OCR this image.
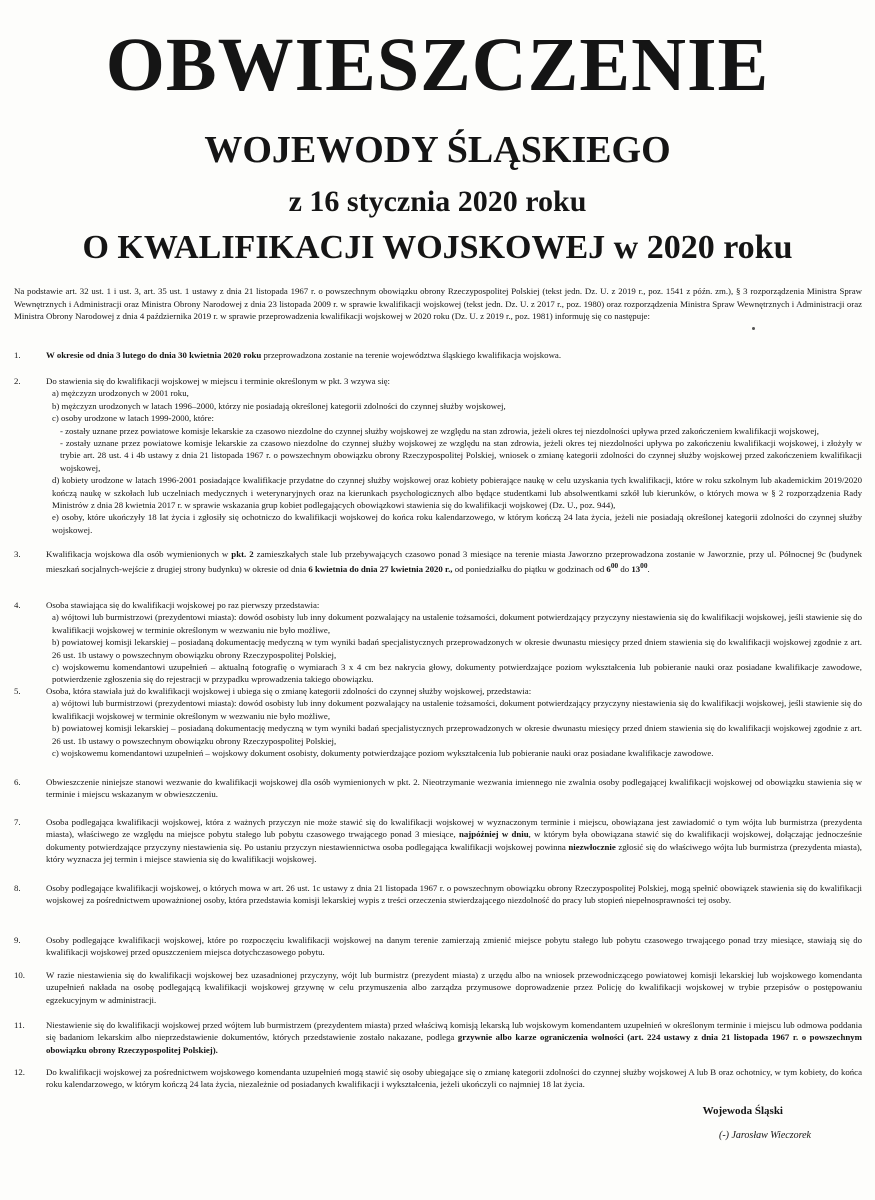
OBWIESZCZENIE
WOJEWODY ŚLĄSKIEGO
z 16 stycznia 2020 roku
O KWALIFIKACJI WOJSKOWEJ w 2020 roku
Na podstawie art. 32 ust. 1 i ust. 3, art. 35 ust. 1 ustawy z dnia 21 listopada 1967 r. o powszechnym obowiązku obrony Rzeczypospolitej Polskiej (tekst jedn. Dz. U. z 2019 r., poz. 1541 z późn. zm.), § 3 rozporządzenia Ministra Spraw Wewnętrznych i Administracji oraz Ministra Obrony Narodowej z dnia 23 listopada 2009 r. w sprawie kwalifikacji wojskowej (tekst jedn. Dz. U. z 2017 r., poz. 1980) oraz rozporządzenia Ministra Spraw Wewnętrznych i Administracji oraz Ministra Obrony Narodowej z dnia 4 października 2019 r. w sprawie przeprowadzenia kwalifikacji wojskowej w 2020 roku (Dz. U. z 2019 r., poz. 1981) informuję się co następuje:
1.	W okresie od dnia 3 lutego do dnia 30 kwietnia 2020 roku przeprowadzona zostanie na terenie województwa śląskiego kwalifikacja wojskowa.
2.	Do stawienia się do kwalifikacji wojskowej w miejscu i terminie określonym w pkt. 3 wzywa się:
a) mężczyzn urodzonych w 2001 roku,
b) mężczyzn urodzonych w latach 1996–2000, którzy nie posiadają określonej kategorii zdolności do czynnej służby wojskowej,
c) osoby urodzone w latach 1999-2000, które:
- zostały uznane przez powiatowe komisje lekarskie za czasowo niezdolne do czynnej służby wojskowej ze względu na stan zdrowia, jeżeli okres tej niezdolności upływa przed zakończeniem kwalifikacji wojskowej,
- zostały uznane przez powiatowe komisje lekarskie za czasowo niezdolne do czynnej służby wojskowej ze względu na stan zdrowia, jeżeli okres tej niezdolności upływa po zakończeniu kwalifikacji wojskowej, i złożyły w trybie art. 28 ust. 4 i 4b ustawy z dnia 21 listopada 1967 r. o powszechnym obowiązku obrony Rzeczypospolitej Polskiej, wniosek o zmianę kategorii zdolności do czynnej służby wojskowej przed zakończeniem kwalifikacji wojskowej,
d) kobiety urodzone w latach 1996-2001 posiadające kwalifikacje przydatne do czynnej służby wojskowej oraz kobiety pobierające naukę w celu uzyskania tych kwalifikacji, które w roku szkolnym lub akademickim 2019/2020 kończą naukę w szkołach lub uczelniach medycznych i weterynaryjnych oraz na kierunkach psychologicznych albo będące studentkami lub absolwentkami szkół lub kierunków, o których mowa w § 2 rozporządzenia Rady Ministrów z dnia 28 kwietnia 2017 r. w sprawie wskazania grup kobiet podlegających obowiązkowi stawienia się do kwalifikacji wojskowej (Dz. U., poz. 944),
e) osoby, które ukończyły 18 lat życia i zgłosiły się ochotniczo do kwalifikacji wojskowej do końca roku kalendarzowego, w którym kończą 24 lata życia, jeżeli nie posiadają określonej kategorii zdolności do czynnej służby wojskowej.
3.	Kwalifikacja wojskowa dla osób wymienionych w pkt. 2 zamieszkałych stale lub przebywających czasowo ponad 3 miesiące na terenie miasta Jaworzno przeprowadzona zostanie w Jaworznie, przy ul. Północnej 9c (budynek mieszkań socjalnych-wejście z drugiej strony budynku) w okresie od dnia 6 kwietnia do dnia 27 kwietnia 2020 r., od poniedziałku do piątku w godzinach od $6^{00}$ do $13^{00}$.
4.	Osoba stawiająca się do kwalifikacji wojskowej po raz pierwszy przedstawia:
a) wójtowi lub burmistrzowi (prezydentowi miasta): dowód osobisty lub inny dokument pozwalający na ustalenie tożsamości, dokument potwierdzający przyczyny niestawienia się do kwalifikacji wojskowej, jeśli stawienie się do kwalifikacji wojskowej w terminie określonym w wezwaniu nie było możliwe,
b) powiatowej komisji lekarskiej – posiadaną dokumentację medyczną w tym wyniki badań specjalistycznych przeprowadzonych w okresie dwunastu miesięcy przed dniem stawienia się do kwalifikacji wojskowej zgodnie z art. 26 ust. 1b ustawy o powszechnym obowiązku obrony Rzeczypospolitej Polskiej,
c) wojskowemu komendantowi uzupełnień – aktualną fotografię o wymiarach 3 x 4 cm bez nakrycia głowy, dokumenty potwierdzające poziom wykształcenia lub pobieranie nauki oraz posiadane kwalifikacje zawodowe, potwierdzenie zgłoszenia się do rejestracji w przypadku wprowadzenia takiego obowiązku.
5.	Osoba, która stawiała już do kwalifikacji wojskowej i ubiega się o zmianę kategorii zdolności do czynnej służby wojskowej, przedstawia:
a) wójtowi lub burmistrzowi (prezydentowi miasta): dowód osobisty lub inny dokument pozwalający na ustalenie tożsamości, dokument potwierdzający przyczyny niestawienia się do kwalifikacji wojskowej, jeśli stawienie się do kwalifikacji wojskowej w terminie określonym w wezwaniu nie było możliwe,
b) powiatowej komisji lekarskiej – posiadaną dokumentację medyczną w tym wyniki badań specjalistycznych przeprowadzonych w okresie dwunastu miesięcy przed dniem stawienia się do kwalifikacji wojskowej zgodnie z art. 26 ust. 1b ustawy o powszechnym obowiązku obrony Rzeczypospolitej Polskiej,
c) wojskowemu komendantowi uzupełnień – wojskowy dokument osobisty, dokumenty potwierdzające poziom wykształcenia lub pobieranie nauki oraz posiadane kwalifikacje zawodowe.
6.	Obwieszczenie niniejsze stanowi wezwanie do kwalifikacji wojskowej dla osób wymienionych w pkt. 2. Nieotrzymanie wezwania imiennego nie zwalnia osoby podlegającej kwalifikacji wojskowej od obowiązku stawienia się w terminie i miejscu wskazanym w obwieszczeniu.
7.	Osoba podlegająca kwalifikacji wojskowej, która z ważnych przyczyn nie może stawić się do kwalifikacji wojskowej w wyznaczonym terminie i miejscu, obowiązana jest zawiadomić o tym wójta lub burmistrza (prezydenta miasta), właściwego ze względu na miejsce pobytu stałego lub pobytu czasowego trwającego ponad 3 miesiące, najpóźniej w dniu, w którym była obowiązana stawić się do kwalifikacji wojskowej, dołączając jednocześnie dokumenty potwierdzające przyczyny niestawienia się. Po ustaniu przyczyn niestawiennictwa osoba podlegająca kwalifikacji wojskowej powinna niezwłocznie zgłosić się do właściwego wójta lub burmistrza (prezydenta miasta), który wyznacza jej termin i miejsce stawienia się do kwalifikacji wojskowej.
8.	Osoby podlegające kwalifikacji wojskowej, o których mowa w art. 26 ust. 1c ustawy z dnia 21 listopada 1967 r. o powszechnym obowiązku obrony Rzeczypospolitej Polskiej, mogą spełnić obowiązek stawienia się do kwalifikacji wojskowej za pośrednictwem upoważnionej osoby, która przedstawia komisji lekarskiej wypis z treści orzeczenia stwierdzającego niezdolność do pracy lub stopień niepełnosprawności tej osoby.
9.	Osoby podlegające kwalifikacji wojskowej, które po rozpoczęciu kwalifikacji wojskowej na danym terenie zamierzają zmienić miejsce pobytu stałego lub pobytu czasowego trwającego ponad trzy miesiące, stawiają się do kwalifikacji wojskowej przed opuszczeniem miejsca dotychczasowego pobytu.
10.	W razie niestawienia się do kwalifikacji wojskowej bez uzasadnionej przyczyny, wójt lub burmistrz (prezydent miasta) z urzędu albo na wniosek przewodniczącego powiatowej komisji lekarskiej lub wojskowego komendanta uzupełnień nakłada na osobę podlegającą kwalifikacji wojskowej grzywnę w celu przymuszenia albo zarządza przymusowe doprowadzenie przez Policję do kwalifikacji wojskowej w trybie przepisów o postępowaniu egzekucyjnym w administracji.
11.	Niestawienie się do kwalifikacji wojskowej przed wójtem lub burmistrzem (prezydentem miasta) przed właściwą komisją lekarską lub wojskowym komendantem uzupełnień w określonym terminie i miejscu lub odmowa poddania się badaniom lekarskim albo nieprzedstawienie dokumentów, których przedstawienie zostało nakazane, podlega grzywnie albo karze ograniczenia wolności (art. 224 ustawy z dnia 21 listopada 1967 r. o powszechnym obowiązku obrony Rzeczypospolitej Polskiej).
12.	Do kwalifikacji wojskowej za pośrednictwem wojskowego komendanta uzupełnień mogą stawić się osoby ubiegające się o zmianę kategorii zdolności do czynnej służby wojskowej A lub B oraz ochotnicy, w tym kobiety, do końca roku kalendarzowego, w którym kończą 24 lata życia, niezależnie od posiadanych kwalifikacji i wykształcenia, jeżeli ukończyli co najmniej 18 lat życia.
Wojewoda Śląski
(-) Jarosław Wieczorek
